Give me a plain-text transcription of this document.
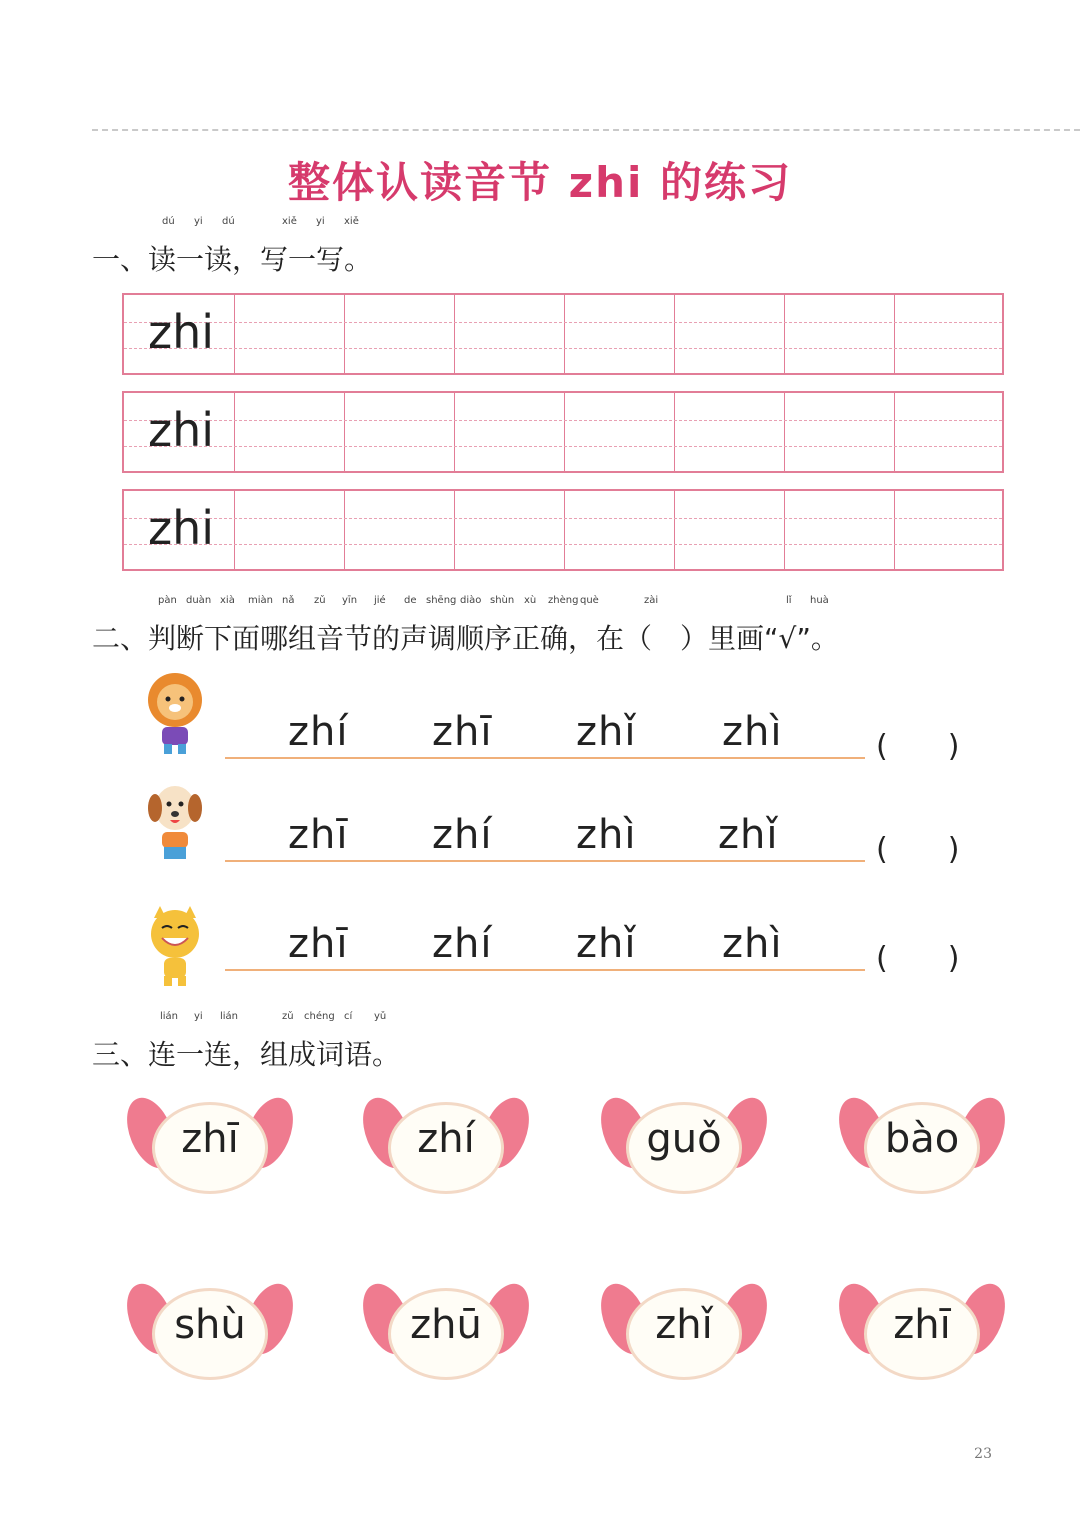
整体认读音节 zhi 的练习
dú yi dú	xiě yi xiě
一、读一读，写一写。
zhi
zhi
zhi
pàn duàn xià miàn nǎ zǔ yīn jié de shēng diào shùn xù zhèng què	zài	lǐ huà
二、判断下面哪组音节的声调顺序正确，在（　）里画“√”。
zhí zhī zhǐ zhì	(　　)
zhī zhí zhì zhǐ	(　　)
zhī zhí zhǐ zhì	(　　)
lián yi lián	zǔ chéng cí yǔ
三、连一连，组成词语。
zhī	zhí	guǒ	bào
shù	zhū	zhǐ	zhī
23
